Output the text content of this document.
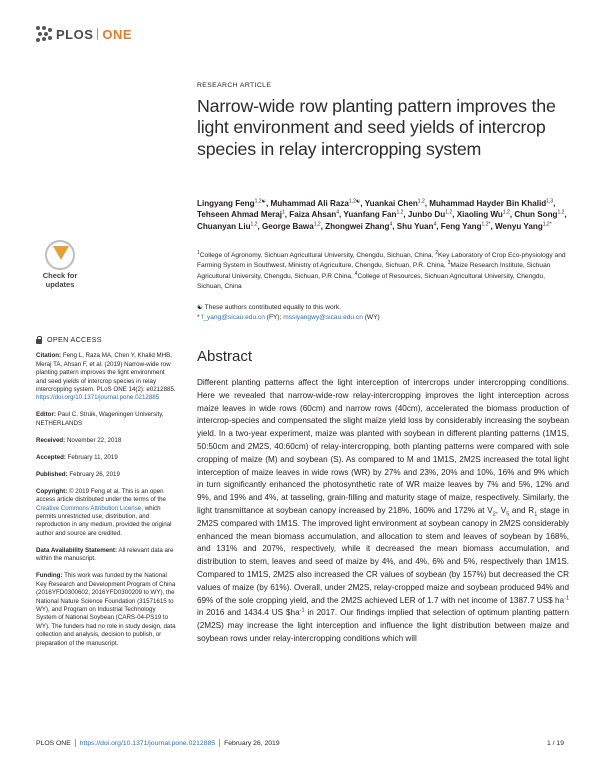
PLOS ONE
Check for
updates
OPEN ACCESS

Citation: Feng L, Raza MA, Chen Y, Khalid MHB, Meraj TA, Ahsan F, et al. (2019) Narrow-wide row planting pattern improves the light environment and seed yields of intercrop species in relay intercropping system. PLoS ONE 14(2): e0212885. https://doi.org/10.1371/journal.pone.0212885

Editor: Paul C. Struik, Wageningen University, NETHERLANDS

Received: November 22, 2018

Accepted: February 11, 2019

Published: February 26, 2019

Copyright: © 2019 Feng et al. This is an open access article distributed under the terms of the Creative Commons Attribution License, which permits unrestricted use, distribution, and reproduction in any medium, provided the original author and source are credited.

Data Availability Statement: All relevant data are within the manuscript.

Funding: This work was funded by the National Key Research and Development Program of China (2016YFD0300602, 2016YFD0300209 to WY), the National Nature Science Foundation (31571615 to WY), and Program on Industrial Technology System of National Soybean (CARS-04-PS19 to WY). The funders had no role in study design, data collection and analysis, decision to publish, or preparation of the manuscript.

RESEARCH ARTICLE
Narrow-wide row planting pattern improves the light environment and seed yields of intercrop species in relay intercropping system
Lingyang Feng$^{1,2☯}$, Muhammad Ali Raza$^{1,2☯}$, Yuankai Chen$^{1,2}$, Muhammad Hayder Bin Khalid$^{1,3}$, Tehseen Ahmad Meraj$^1$, Faiza Ahsan$^4$, Yuanfang Fan$^{1,2}$, Junbo Du$^{1,2}$, Xiaoling Wu$^{1,2}$, Chun Song$^{1,2}$, Chuanyan Liu$^{1,2}$, George Bawa$^{1,2}$, Zhongwei Zhang$^4$, Shu Yuan$^4$, Feng Yang$^{1,2*}$, Wenyu Yang$^{1,2*}$
$^1$College of Agronomy, Sichuan Agricultural University, Chengdu, Sichuan, China, $^2$Key Laboratory of Crop Eco-physiology and Farming System in Southwest, Ministry of Agriculture, Chengdu, Sichuan, P.R. China, $^3$Maize Research Institute, Sichuan Agricultural University, Chengdu, Sichuan, P.R China, $^4$College of Resources, Sichuan Agricultural University, Chengdu, Sichuan, China
☯ These authors contributed equally to this work.
* f_yang@sicau.edu.cn (FY); mssiyangwy@sicau.edu.cn (WY)
Abstract

Different planting patterns affect the light interception of intercrops under intercropping conditions. Here we revealed that narrow-wide-row relay-intercropping improves the light interception across maize leaves in wide rows (60cm) and narrow rows (40cm), accelerated the biomass production of intercrop-species and compensated the slight maize yield loss by considerably increasing the soybean yield. In a two-year experiment, maize was planted with soybean in different planting patterns (1M1S, 50:50cm and 2M2S, 40:60cm) of relay-intercropping, both planting patterns were compared with sole cropping of maize (M) and soybean (S). As compared to M and 1M1S, 2M2S increased the total light interception of maize leaves in wide rows (WR) by 27% and 23%, 20% and 10%, 16% and 9% which in turn significantly enhanced the photosynthetic rate of WR maize leaves by 7% and 5%, 12% and 9%, and 19% and 4%, at tasseling, grain-filling and maturity stage of maize, respectively. Similarly, the light transmittance at soybean canopy increased by 218%, 160% and 172% at $V_2$, $V_5$ and $R_1$ stage in 2M2S compared with 1M1S. The improved light environment at soybean canopy in 2M2S considerably enhanced the mean biomass accumulation, and allocation to stem and leaves of soybean by 168%, and 131% and 207%, respectively, while it decreased the mean biomass accumulation, and distribution to stem, leaves and seed of maize by 4%, and 4%, 6% and 5%, respectively than 1M1S. Compared to 1M1S, 2M2S also increased the CR values of soybean (by 157%) but decreased the CR values of maize (by 61%). Overall, under 2M2S, relay-cropped maize and soybean produced 94% and 69% of the sole cropping yield, and the 2M2S achieved LER of 1.7 with net income of 1387.7 US$ $ha^{-1}$ in 2016 and 1434.4 US $\$ha^{-1}$ in 2017. Our findings implied that selection of optimum planting pattern (2M2S) may increase the light interception and influence the light distribution between maize and soybean rows under relay-intercropping conditions which will

PLOS ONE https://doi.org/10.1371/journal.pone.0212885 February 26, 2019	1 / 19
